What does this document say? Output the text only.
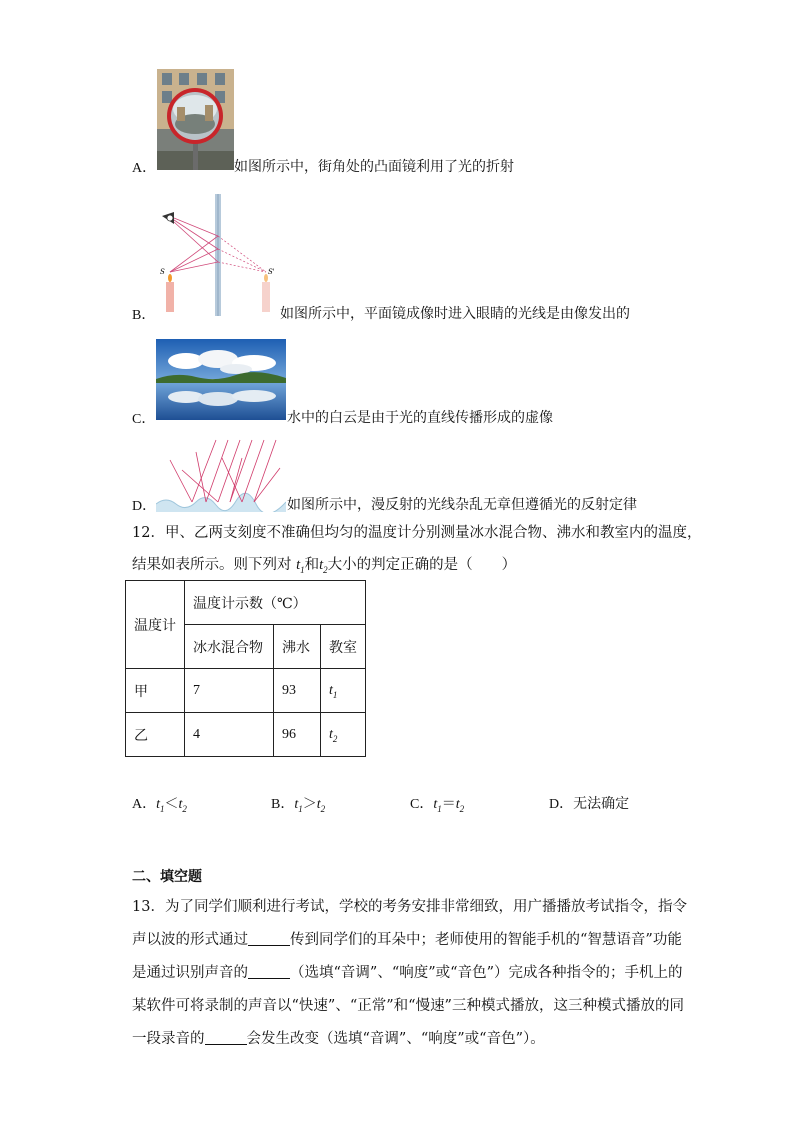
A．	如图所示中，街角处的凸面镜利用了光的折射
S	S'
B．	如图所示中，平面镜成像时进入眼睛的光线是由像发出的
C．	水中的白云是由于光的直线传播形成的虚像
D．	如图所示中，漫反射的光线杂乱无章但遵循光的反射定律
12．甲、乙两支刻度不准确但均匀的温度计分别测量冰水混合物、沸水和教室内的温度，
结果如表所示。则下列对 $t_1$和$t_2$大小的判定正确的是（　　）
温度计	温度计示数（℃）		
	冰水混合物	沸水	教室
甲	7	93	$t_1$
乙	4	96	$t_2$
A．$t_1<t_2$	B．$t_1>t_2$	C．$t_1=t_2$	D．无法确定
二、填空题

13．为了同学们顺利进行考试，学校的考务安排非常细致，用广播播放考试指令，指令

声以波的形式通过	传到同学们的耳朵中；老师使用的智能手机的“智慧语音”功能

是通过识别声音的	（选填“音调”、“响度”或“音色”）完成各种指令的；手机上的

某软件可将录制的声音以“快速”、“正常”和“慢速”三种模式播放，这三种模式播放的同

一段录音的	会发生改变（选填“音调”、“响度”或“音色”）。
